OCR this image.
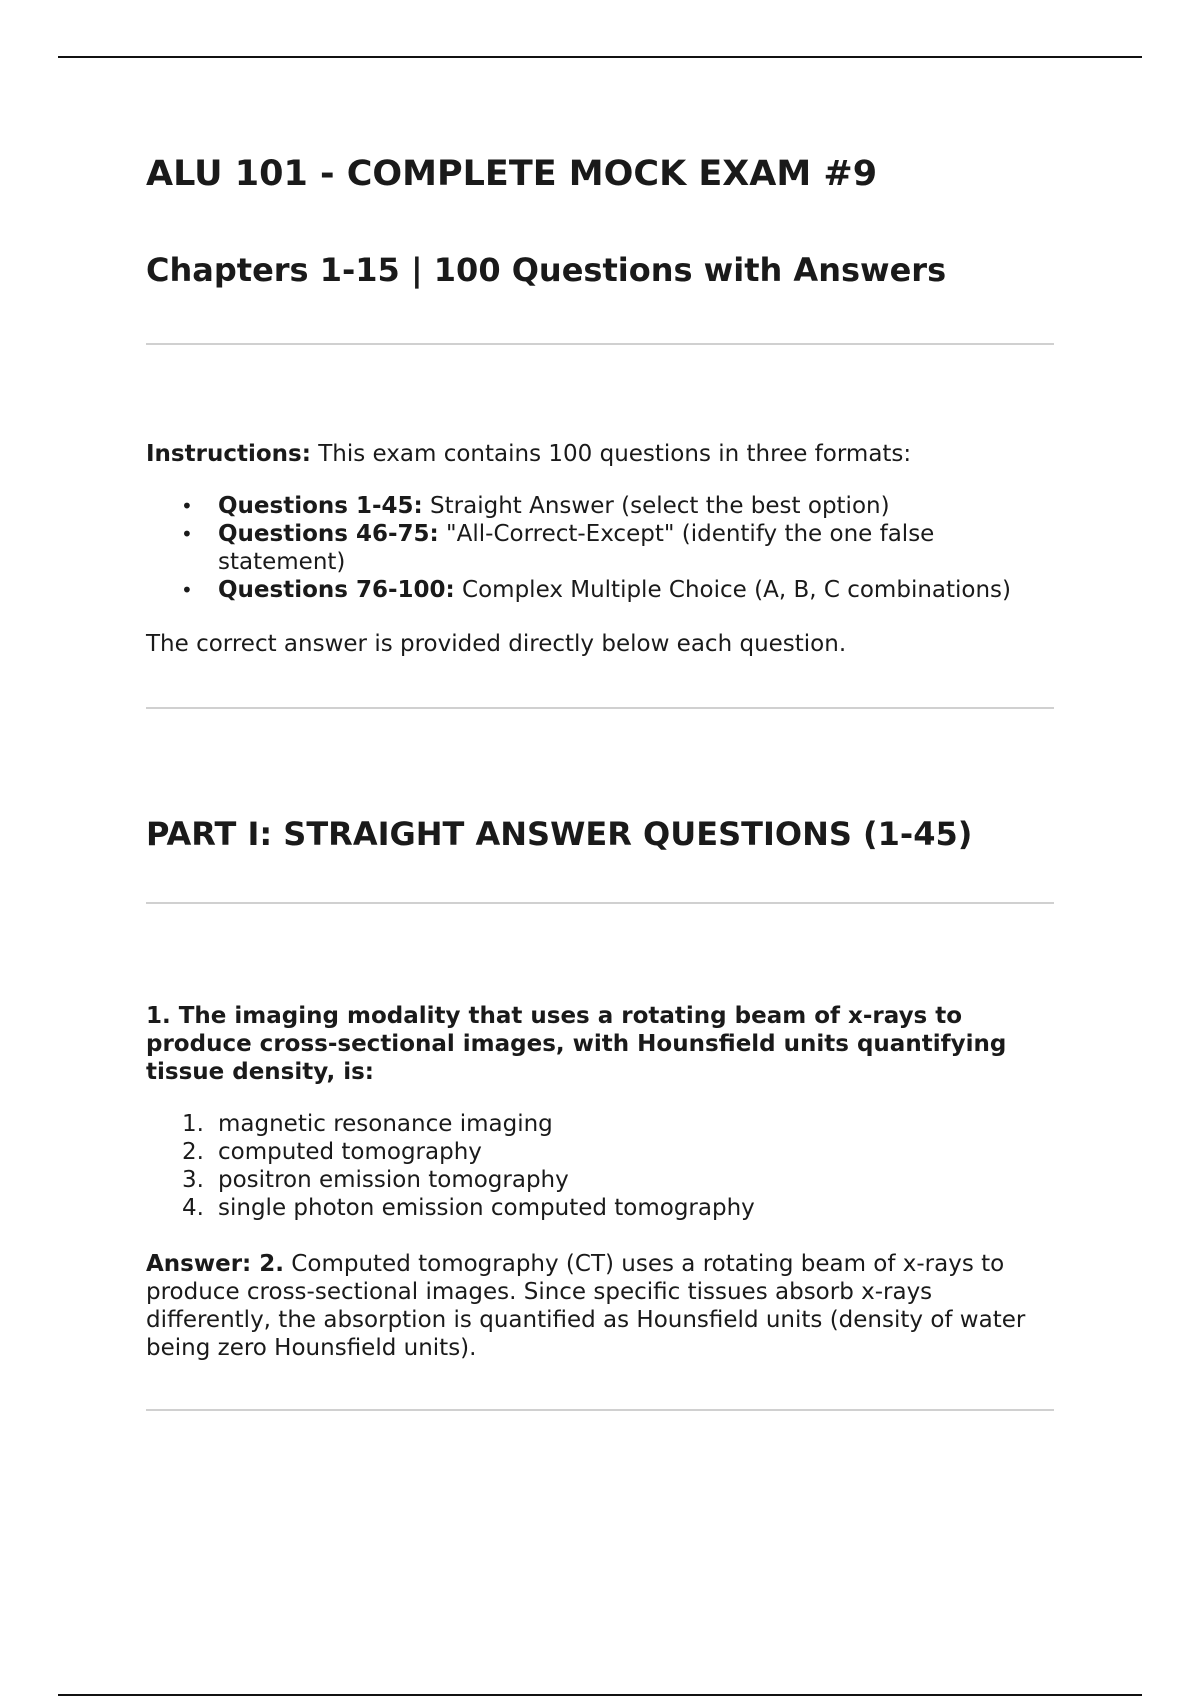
ALU 101 - COMPLETE MOCK EXAM #9
Chapters 1-15 | 100 Questions with Answers

Instructions: This exam contains 100 questions in three formats:

• Questions 1-45: Straight Answer (select the best option)
• Questions 46-75: "All-Correct-Except" (identify the one false statement)
• Questions 76-100: Complex Multiple Choice (A, B, C combinations)

The correct answer is provided directly below each question.

PART I: STRAIGHT ANSWER QUESTIONS (1-45)

1. The imaging modality that uses a rotating beam of x-rays to produce cross-sectional images, with Hounsfield units quantifying tissue density, is:

1. magnetic resonance imaging
2. computed tomography
3. positron emission tomography
4. single photon emission computed tomography

Answer: 2. Computed tomography (CT) uses a rotating beam of x-rays to produce cross-sectional images. Since specific tissues absorb x-rays differently, the absorption is quantified as Hounsfield units (density of water being zero Hounsfield units).
